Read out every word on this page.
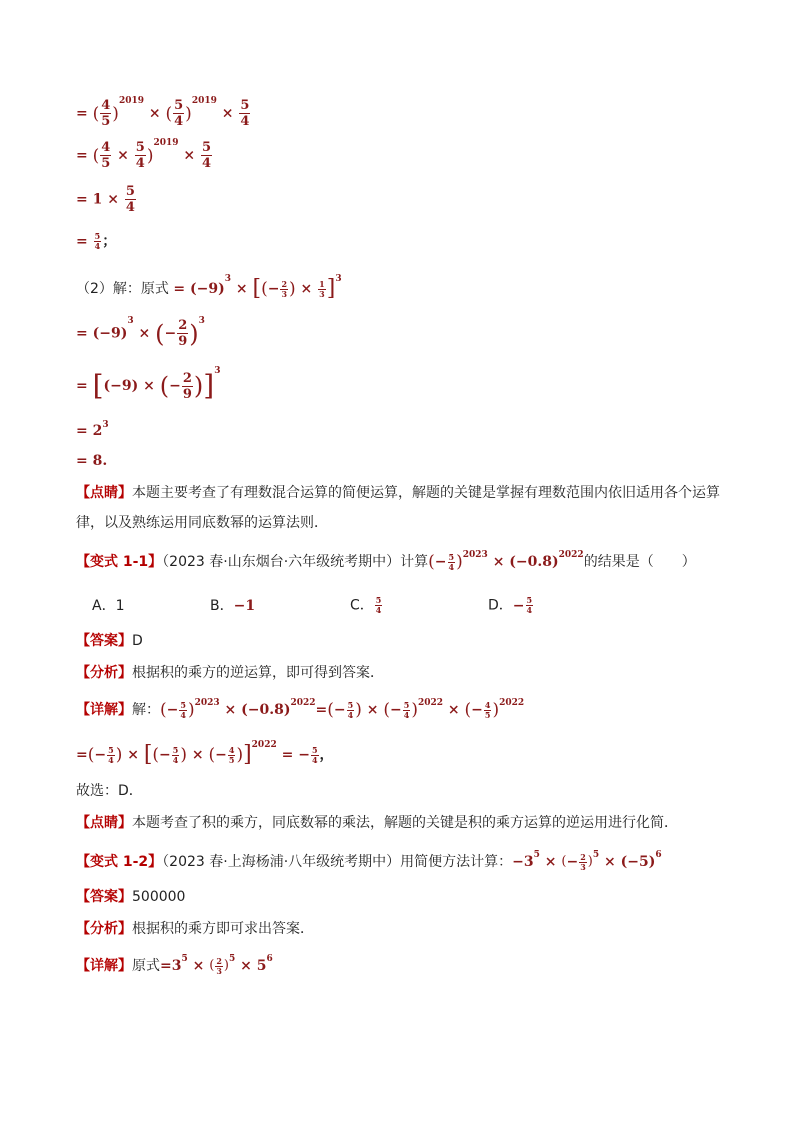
= ( $\frac{4}{5} )^{2019}$ × ( $\frac{5}{4} )^{2019} \times \frac{5}{4}$
= ( $\frac{4}{5} \times \frac{5}{4} )^{2019} \times \frac{5}{4}$
= $1 \times \frac{5}{4}$
= $\frac{5}{4}$ ；
（2）解：原式 = $(-9)^3$ × [(− $\frac{2}{3}$ ) × $\frac{1}{3} ]^3$
= $(-9)^3$ × (− $\frac{2}{9} )^3$
= [(−9) × (− $\frac{2}{9} )]^3$
= $2^3$
= 8.
【点睛】本题主要考查了有理数混合运算的简便运算，解题的关键是掌握有理数范围内依旧适用各个运算
律，以及熟练运用同底数幂的运算法则．
【变式 1-1】（2023 春·山东烟台·六年级统考期中）计算(− $\frac{5}{4} )^{2023} \times (-0.8)^{2022}$的结果是（　　）
A．1	B．−1	C． $\frac{5}{4}$	D．− $\frac{5}{4}$
【答案】D
【分析】根据积的乘方的逆运算，即可得到答案．
【详解】解：(− $\frac{5}{4} )^{2023} \times (-0.8)^{2022}=(- \frac{5}{4}$ ) × (− $\frac{5}{4} )^{2022}$ × (− $\frac{4}{5} )^{2022}$
=(− $\frac{5}{4}$ ) × [(− $\frac{5}{4}$ ) × (− $\frac{4}{5} )]^{2022}$ = − $\frac{5}{4}$ ，
故选：D．
【点睛】本题考查了积的乘方，同底数幂的乘法，解题的关键是积的乘方运算的逆运用进行化简．
【变式 1-2】（2023 春·上海杨浦·八年级统考期中）用简便方法计算：$-3^5$ × (− $\frac{2}{3} )^5 \times (-5)^6$
【答案】500000
【分析】根据积的乘方即可求出答案．
【详解】原式$=3^5$ × ( $\frac{2}{3} )^5 \times 5^6$
